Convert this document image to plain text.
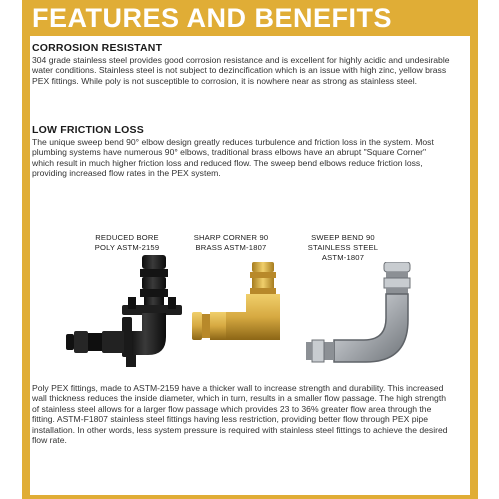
FEATURES AND BENEFITS
CORROSION RESISTANT
304 grade stainless steel provides good corrosion resistance and is excellent for highly acidic and undesirable water conditions. Stainless steel is not subject to dezincification which is an issue with high zinc, yellow brass PEX fittings. While poly is not susceptible to corrosion, it is nowhere near as strong as stainless steel.
LOW FRICTION LOSS
The unique sweep bend 90° elbow design greatly reduces turbulence and friction loss in the system. Most plumbing systems have numerous 90° elbows, traditional brass elbows have an abrupt "Square Corner" which result in much higher friction loss and reduced flow. The sweep bend elbows reduce friction loss, providing increased flow rates in the PEX system.
REDUCED BORE
POLY ASTM-2159
SHARP CORNER 90
BRASS ASTM-1807
SWEEP BEND 90
STAINLESS STEEL
ASTM-1807
Poly PEX fittings, made to ASTM-2159 have a thicker wall to increase strength and durability. This increased wall thickness reduces the inside diameter, which in turn, results in a smaller flow passage. The high strength of stainless steel allows for a larger flow passage which provides 23 to 36% greater flow area through the fitting. ASTM-F1807 stainless steel fittings having less restriction, providing better flow through PEX pipe installation. In other words, less system pressure is required with stainless steel fittings to achieve the desired flow rate.
